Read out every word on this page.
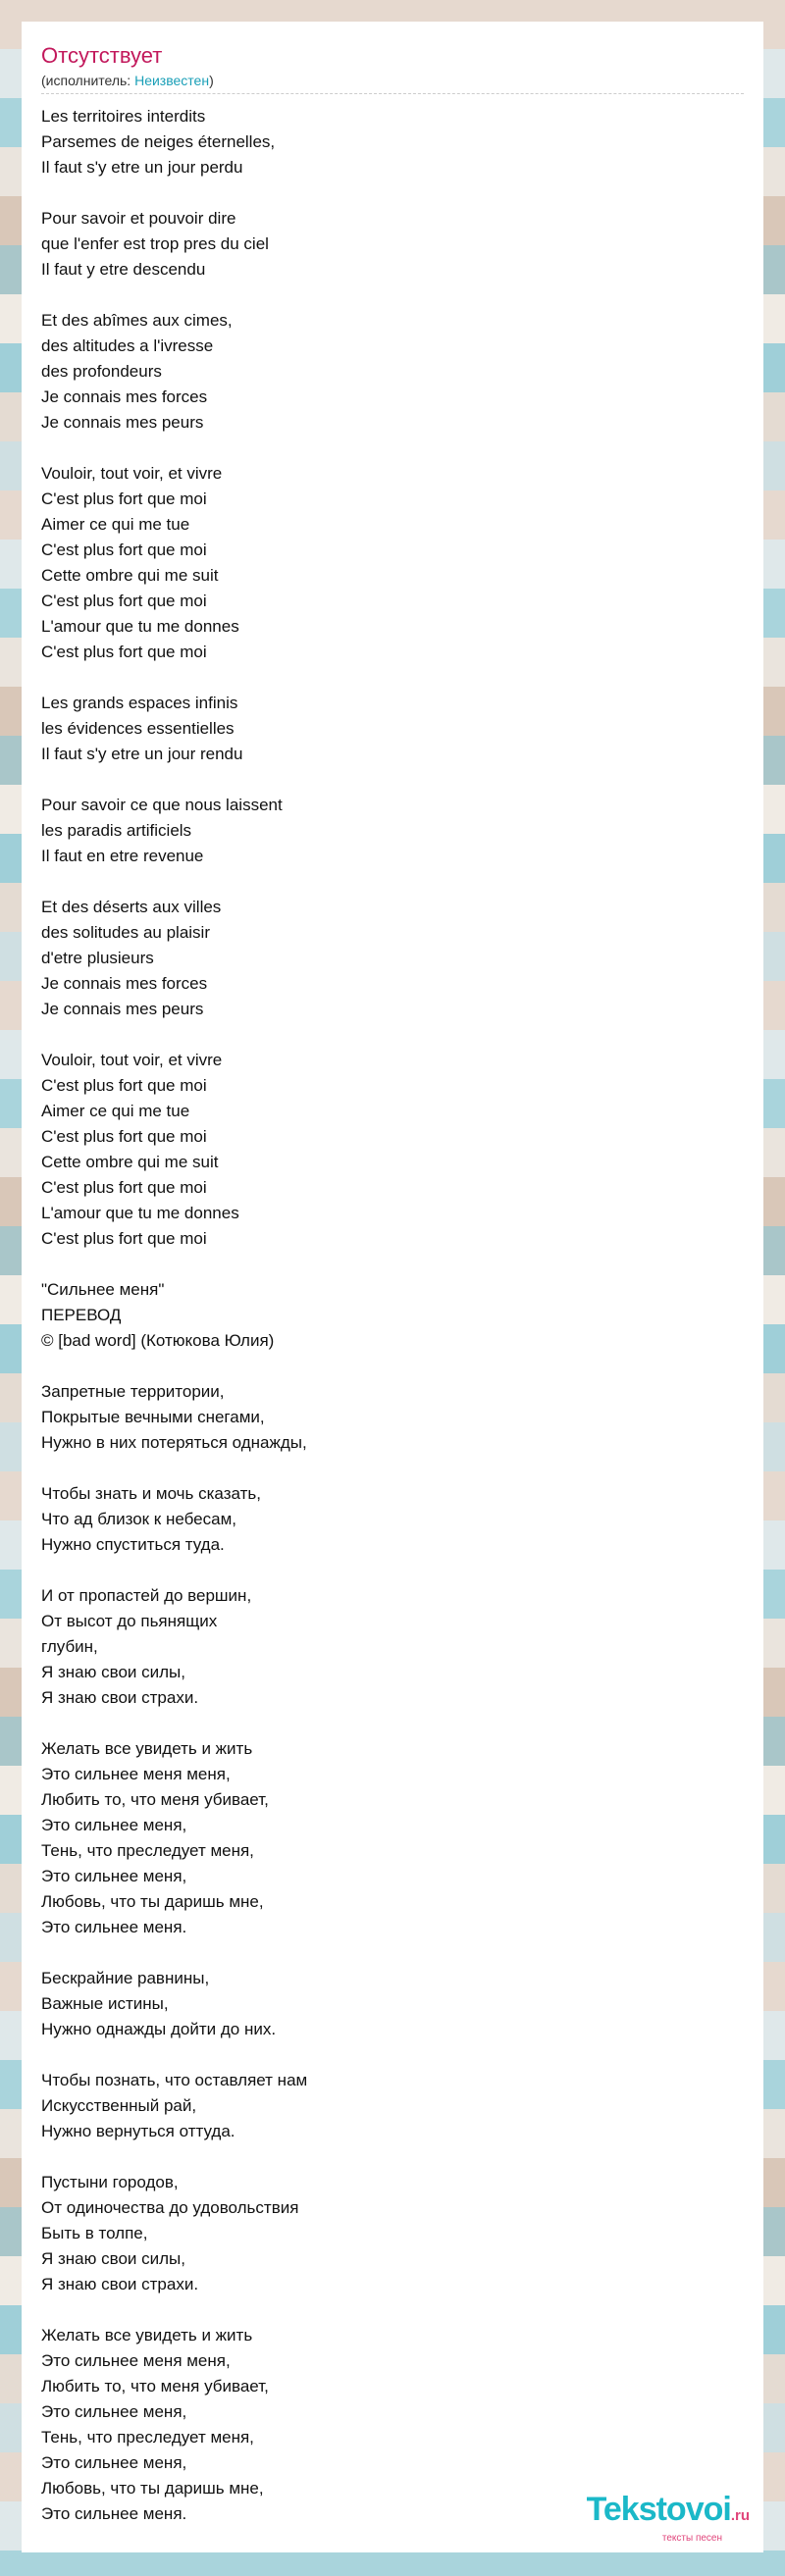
Отсутствует
(исполнитель: Неизвестен)
Les territoires interdits
Parsemes de neiges éternelles,
Il faut s'y etre un jour perdu
Pour savoir et pouvoir dire
que l'enfer est trop pres du ciel
Il faut y etre descendu
Et des abîmes aux cimes,
des altitudes a l'ivresse
des profondeurs
Je connais mes forces
Je connais mes peurs
Vouloir, tout voir, et vivre
C'est plus fort que moi
Aimer ce qui me tue
C'est plus fort que moi
Cette ombre qui me suit
C'est plus fort que moi
L'amour que tu me donnes
C'est plus fort que moi
Les grands espaces infinis
les évidences essentielles
Il faut s'y etre un jour rendu
Pour savoir ce que nous laissent
les paradis artificiels
Il faut en etre revenue
Et des déserts aux villes
des solitudes au plaisir
d'etre plusieurs
Je connais mes forces
Je connais mes peurs
Vouloir, tout voir, et vivre
C'est plus fort que moi
Aimer ce qui me tue
C'est plus fort que moi
Cette ombre qui me suit
C'est plus fort que moi
L'amour que tu me donnes
C'est plus fort que moi
"Сильнее меня"
ПЕРЕВОД
© [bad word] (Котюкова Юлия)
Запретные территории,
Покрытые вечными снегами,
Нужно в них потеряться однажды,
Чтобы знать и мочь сказать,
Что ад близок к небесам,
Нужно спуститься туда.
И от пропастей до вершин,
От высот до пьянящих
глубин,
Я знаю свои силы,
Я знаю свои страхи.
Желать все увидеть и жить
Это сильнее меня меня,
Любить то, что меня убивает,
Это сильнее меня,
Тень, что преследует меня,
Это сильнее меня,
Любовь, что ты даришь мне,
Это сильнее меня.
Бескрайние равнины,
Важные истины,
Нужно однажды дойти до них.
Чтобы познать, что оставляет нам
Искусственный рай,
Нужно вернуться оттуда.
Пустыни городов,
От одиночества до удовольствия
Быть в толпе,
Я знаю свои силы,
Я знаю свои страхи.
Желать все увидеть и жить
Это сильнее меня меня,
Любить то, что меня убивает,
Это сильнее меня,
Тень, что преследует меня,
Это сильнее меня,
Любовь, что ты даришь мне,
Это сильнее меня.	Tekstovoi.ru
тексты песен
